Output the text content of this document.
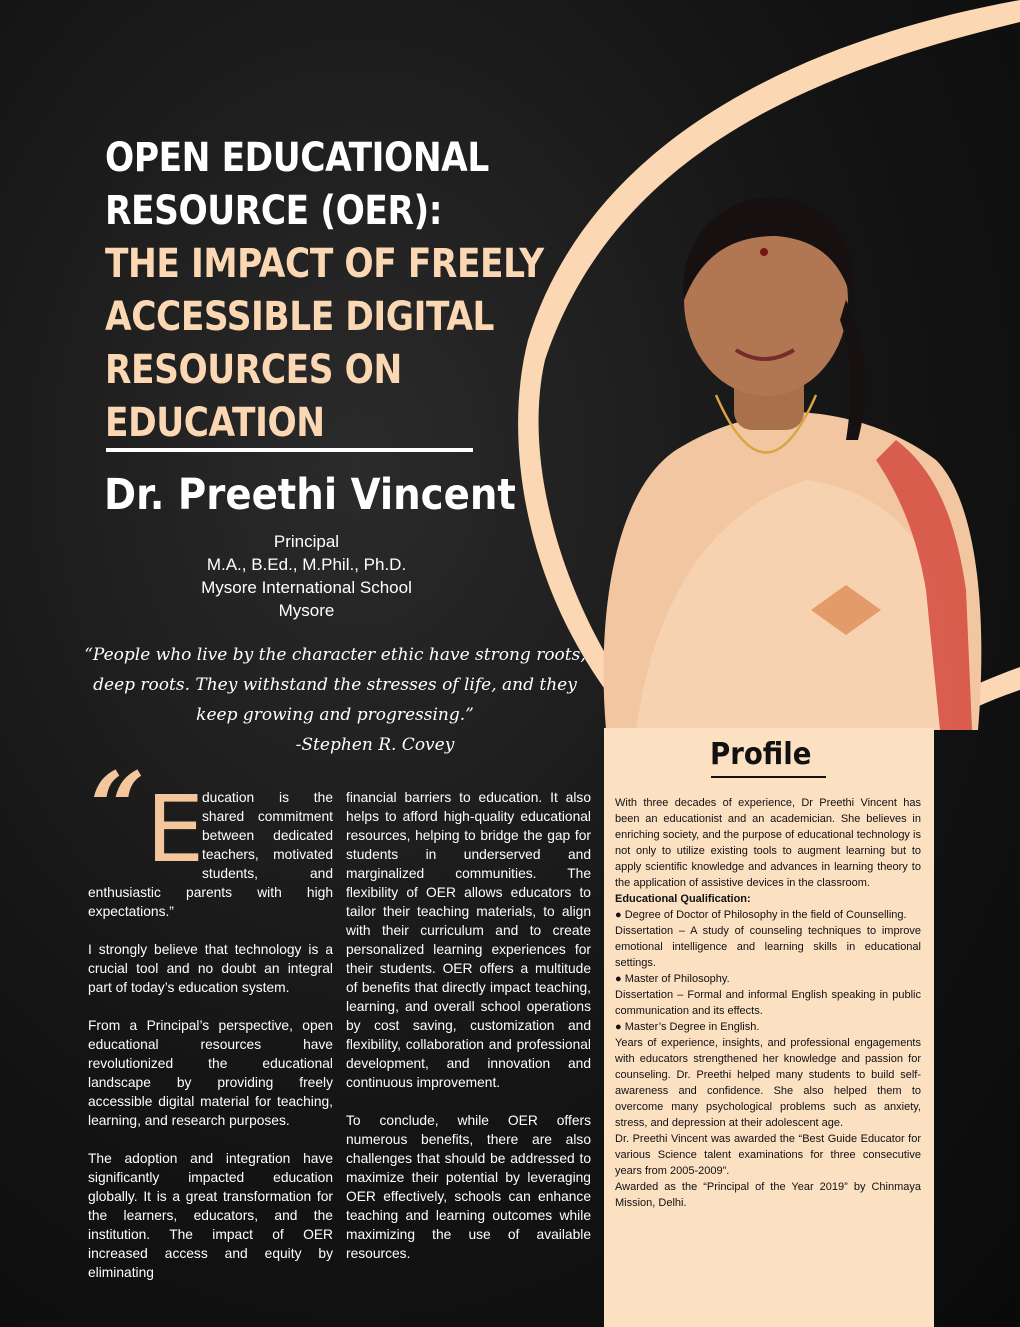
OPEN EDUCATIONAL
RESOURCE (OER):
THE IMPACT OF FREELY
ACCESSIBLE DIGITAL
RESOURCES ON
EDUCATION
Dr. Preethi Vincent
Principal
M.A., B.Ed., M.Phil., Ph.D.
Mysore International School
Mysore

“People who live by the character ethic have strong roots,

deep roots. They withstand the stresses of life, and they

keep growing and progressing.”

-Stephen R. Covey

“ E
ducation is the shared commitment between dedicated teachers, motivated students, and enthusiastic parents with high expectations.”

I strongly believe that technology is a crucial tool and no doubt an integral part of today’s education system.

From a Principal’s perspective, open educational resources have revolutionized the educational landscape by providing freely accessible digital material for teaching, learning, and research purposes.

The adoption and integration have significantly impacted education globally. It is a great transformation for the learners, educators, and the institution. The impact of OER increased access and equity by eliminating

financial barriers to education. It also helps to afford high-quality educational resources, helping to bridge the gap for students in underserved and marginalized communities. The flexibility of OER allows educators to tailor their teaching materials, to align with their curriculum and to create personalized learning experiences for their students. OER offers a multitude of benefits that directly impact teaching, learning, and overall school operations by cost saving, customization and flexibility, collaboration and professional development, and innovation and continuous improvement.

To conclude, while OER offers numerous benefits, there are also challenges that should be addressed to maximize their potential by leveraging OER effectively, schools can enhance teaching and learning outcomes while maximizing the use of available resources.

Profile
With three decades of experience, Dr Preethi Vincent has been an educationist and an academician. She believes in enriching society, and the purpose of educational technology is not only to utilize existing tools to augment learning but to apply scientific knowledge and advances in learning theory to the application of assistive devices in the classroom.
Educational Qualification:
● Degree of Doctor of Philosophy in the field of Counselling.
Dissertation – A study of counseling techniques to improve emotional intelligence and learning skills in educational settings.
● Master of Philosophy.
Dissertation – Formal and informal English speaking in public communication and its effects.
● Master’s Degree in English.
Years of experience, insights, and professional engagements with educators strengthened her knowledge and passion for counseling. Dr. Preethi helped many students to build self-awareness and confidence. She also helped them to overcome many psychological problems such as anxiety, stress, and depression at their adolescent age.
Dr. Preethi Vincent was awarded the “Best Guide Educator for various Science talent examinations for three consecutive years from 2005-2009”.
Awarded as the “Principal of the Year 2019” by Chinmaya Mission, Delhi.
